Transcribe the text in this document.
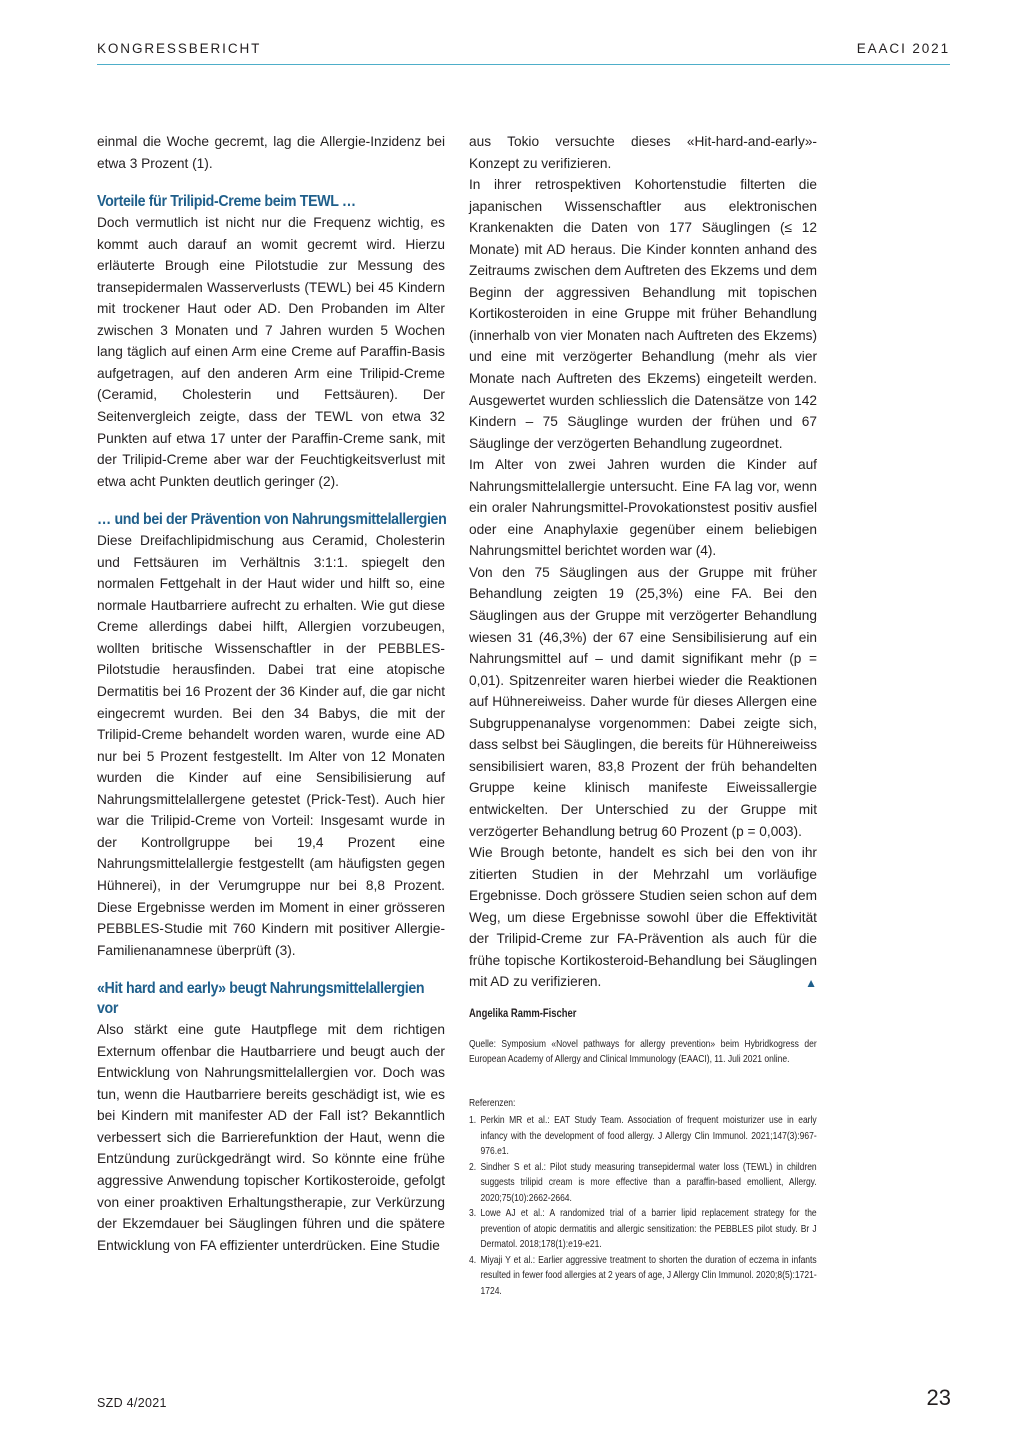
KONGRESSBERICHT	EAACI 2021

einmal die Woche gecremt, lag die Allergie-Inzidenz bei etwa 3 Prozent (1).

Vorteile für Trilipid-Creme beim TEWL …

Doch vermutlich ist nicht nur die Frequenz wichtig, es kommt auch darauf an womit gecremt wird. Hierzu erläuterte Brough eine Pilotstudie zur Messung des transepidermalen Wasserverlusts (TEWL) bei 45 Kindern mit trockener Haut oder AD. Den Probanden im Alter zwischen 3 Monaten und 7 Jahren wurden 5 Wochen lang täglich auf einen Arm eine Creme auf Paraffin-Basis aufgetragen, auf den anderen Arm eine Trilipid-Creme (Ceramid, Cholesterin und Fettsäuren). Der Seitenvergleich zeigte, dass der TEWL von etwa 32 Punkten auf etwa 17 unter der Paraffin-Creme sank, mit der Trilipid-Creme aber war der Feuchtigkeitsverlust mit etwa acht Punkten deutlich geringer (2).

… und bei der Prävention von Nahrungsmittelallergien

Diese Dreifachlipidmischung aus Ceramid, Cholesterin und Fettsäuren im Verhältnis 3:1:1. spiegelt den normalen Fettgehalt in der Haut wider und hilft so, eine normale Hautbarriere aufrecht zu erhalten. Wie gut diese Creme allerdings dabei hilft, Allergien vorzubeugen, wollten britische Wissenschaftler in der PEBBLES-Pilotstudie herausfinden. Dabei trat eine atopische Dermatitis bei 16 Prozent der 36 Kinder auf, die gar nicht eingecremt wurden. Bei den 34 Babys, die mit der Trilipid-Creme behandelt worden waren, wurde eine AD nur bei 5 Prozent festgestellt. Im Alter von 12 Monaten wurden die Kinder auf eine Sensibilisierung auf Nahrungsmittelallergene getestet (Prick-Test). Auch hier war die Trilipid-Creme von Vorteil: Insgesamt wurde in der Kontrollgruppe bei 19,4 Prozent eine Nahrungsmittelallergie festgestellt (am häufigsten gegen Hühnerei), in der Verumgruppe nur bei 8,8 Prozent. Diese Ergebnisse werden im Moment in einer grösseren PEBBLES-Studie mit 760 Kindern mit positiver Allergie-Familienanamnese überprüft (3).

«Hit hard and early» beugt Nahrungsmittelallergien vor

Also stärkt eine gute Hautpflege mit dem richtigen Externum offenbar die Hautbarriere und beugt auch der Entwicklung von Nahrungsmittelallergien vor. Doch was tun, wenn die Hautbarriere bereits geschädigt ist, wie es bei Kindern mit manifester AD der Fall ist? Bekanntlich verbessert sich die Barrierefunktion der Haut, wenn die Entzündung zurückgedrängt wird. So könnte eine frühe aggressive Anwendung topischer Kortikosteroide, gefolgt von einer proaktiven Erhaltungstherapie, zur Verkürzung der Ekzemdauer bei Säuglingen führen und die spätere Entwicklung von FA effizienter unterdrücken. Eine Studie

aus Tokio versuchte dieses «Hit-hard-and-early»-Konzept zu verifizieren.

In ihrer retrospektiven Kohortenstudie filterten die japanischen Wissenschaftler aus elektronischen Krankenakten die Daten von 177 Säuglingen (≤ 12 Monate) mit AD heraus. Die Kinder konnten anhand des Zeitraums zwischen dem Auftreten des Ekzems und dem Beginn der aggressiven Behandlung mit topischen Kortikosteroiden in eine Gruppe mit früher Behandlung (innerhalb von vier Monaten nach Auftreten des Ekzems) und eine mit verzögerter Behandlung (mehr als vier Monate nach Auftreten des Ekzems) eingeteilt werden. Ausgewertet wurden schliesslich die Datensätze von 142 Kindern – 75 Säuglinge wurden der frühen und 67 Säuglinge der verzögerten Behandlung zugeordnet.

Im Alter von zwei Jahren wurden die Kinder auf Nahrungsmittelallergie untersucht. Eine FA lag vor, wenn ein oraler Nahrungsmittel-Provokationstest positiv ausfiel oder eine Anaphylaxie gegenüber einem beliebigen Nahrungsmittel berichtet worden war (4).

Von den 75 Säuglingen aus der Gruppe mit früher Behandlung zeigten 19 (25,3%) eine FA. Bei den Säuglingen aus der Gruppe mit verzögerter Behandlung wiesen 31 (46,3%) der 67 eine Sensibilisierung auf ein Nahrungsmittel auf – und damit signifikant mehr (p = 0,01). Spitzenreiter waren hierbei wieder die Reaktionen auf Hühnereiweiss. Daher wurde für dieses Allergen eine Subgruppenanalyse vorgenommen: Dabei zeigte sich, dass selbst bei Säuglingen, die bereits für Hühnereiweiss sensibilisiert waren, 83,8 Prozent der früh behandelten Gruppe keine klinisch manifeste Eiweissallergie entwickelten. Der Unterschied zu der Gruppe mit verzögerter Behandlung betrug 60 Prozent (p = 0,003).

Wie Brough betonte, handelt es sich bei den von ihr zitierten Studien in der Mehrzahl um vorläufige Ergebnisse. Doch grössere Studien seien schon auf dem Weg, um diese Ergebnisse sowohl über die Effektivität der Trilipid-Creme zur FA-Prävention als auch für die frühe topische Kortikosteroid-Behandlung bei Säuglingen mit AD zu verifizieren.	▲

Angelika Ramm-Fischer
Quelle: Symposium «Novel pathways for allergy prevention» beim Hybridkogress der European Academy of Allergy and Clinical Immunology (EAACI), 11. Juli 2021 online.
Referenzen:
1. Perkin MR et al.: EAT Study Team. Association of frequent moisturizer use in early infancy with the development of food allergy. J Allergy Clin Immunol. 2021;147(3):967-976.e1.
2. Sindher S et al.: Pilot study measuring transepidermal water loss (TEWL) in children suggests trilipid cream is more effective than a paraffin-based emollient, Allergy. 2020;75(10):2662-2664.
3. Lowe AJ et al.: A randomized trial of a barrier lipid replacement strategy for the prevention of atopic dermatitis and allergic sensitization: the PEBBLES pilot study. Br J Dermatol. 2018;178(1):e19-e21.
4. Miyaji Y et al.: Earlier aggressive treatment to shorten the duration of eczema in infants resulted in fewer food allergies at 2 years of age, J Allergy Clin Immunol. 2020;8(5):1721-1724.
SZD 4/2021	23
